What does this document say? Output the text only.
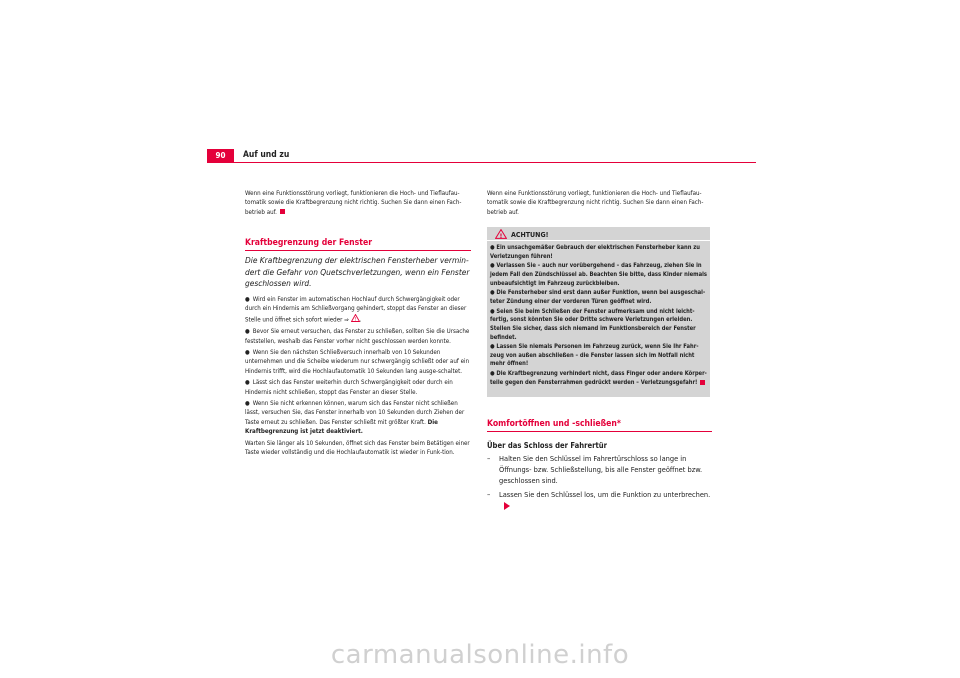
90	Auf und zu
Wenn eine Funktionsstörung vorliegt, funktionieren die Hoch- und Tieflaufau-tomatik sowie die Kraftbegrenzung nicht richtig. Suchen Sie dann einen Fach-betrieb auf.
Kraftbegrenzung der Fenster
Die Kraftbegrenzung der elektrischen Fensterheber vermin-dert die Gefahr von Quetschverletzungen, wenn ein Fenster geschlossen wird.
● Wird ein Fenster im automatischen Hochlauf durch Schwergängigkeit oder durch ein Hindernis am Schließvorgang gehindert, stoppt das Fenster an dieser Stelle und öffnet sich sofort wieder ⇒ ! .
● Bevor Sie erneut versuchen, das Fenster zu schließen, sollten Sie die Ursache feststellen, weshalb das Fenster vorher nicht geschlossen werden konnte.
● Wenn Sie den nächsten Schließversuch innerhalb von 10 Sekunden unternehmen und die Scheibe wiederum nur schwergängig schließt oder auf ein Hindernis trifft, wird die Hochlaufautomatik 10 Sekunden lang ausge-schaltet.
● Lässt sich das Fenster weiterhin durch Schwergängigkeit oder durch ein Hindernis nicht schließen, stoppt das Fenster an dieser Stelle.
● Wenn Sie nicht erkennen können, warum sich das Fenster nicht schließen lässt, versuchen Sie, das Fenster innerhalb von 10 Sekunden durch Ziehen der Taste erneut zu schließen. Das Fenster schließt mit größter Kraft. Die Kraftbegrenzung ist jetzt deaktiviert.
Warten Sie länger als 10 Sekunden, öffnet sich das Fenster beim Betätigen einer Taste wieder vollständig und die Hochlaufautomatik ist wieder in Funk-tion.
Wenn eine Funktionsstörung vorliegt, funktionieren die Hoch- und Tieflaufau-tomatik sowie die Kraftbegrenzung nicht richtig. Suchen Sie dann einen Fach-betrieb auf.
! ACHTUNG!

● Ein unsachgemäßer Gebrauch der elektrischen Fensterheber kann zu Verletzungen führen!

● Verlassen Sie – auch nur vorübergehend – das Fahrzeug, ziehen Sie in jedem Fall den Zündschlüssel ab. Beachten Sie bitte, dass Kinder niemals unbeaufsichtigt im Fahrzeug zurückbleiben.

● Die Fensterheber sind erst dann außer Funktion, wenn bei ausgeschal-teter Zündung einer der vorderen Türen geöffnet wird.

● Seien Sie beim Schließen der Fenster aufmerksam und nicht leicht-fertig, sonst könnten Sie oder Dritte schwere Verletzungen erleiden. Stellen Sie sicher, dass sich niemand im Funktionsbereich der Fenster befindet.

● Lassen Sie niemals Personen im Fahrzeug zurück, wenn Sie Ihr Fahr-zeug von außen abschließen – die Fenster lassen sich im Notfall nicht mehr öffnen!

● Die Kraftbegrenzung verhindert nicht, dass Finger oder andere Körper-teile gegen den Fensterrahmen gedrückt werden – Verletzungsgefahr!

Komfortöffnen und -schließen*
Über das Schloss der Fahrertür
–	Halten Sie den Schlüssel im Fahrertürschloss so lange in Öffnungs- bzw. Schließstellung, bis alle Fenster geöffnet bzw. geschlossen sind.
–	Lassen Sie den Schlüssel los, um die Funktion zu unterbrechen.
carmanualsonline.info
